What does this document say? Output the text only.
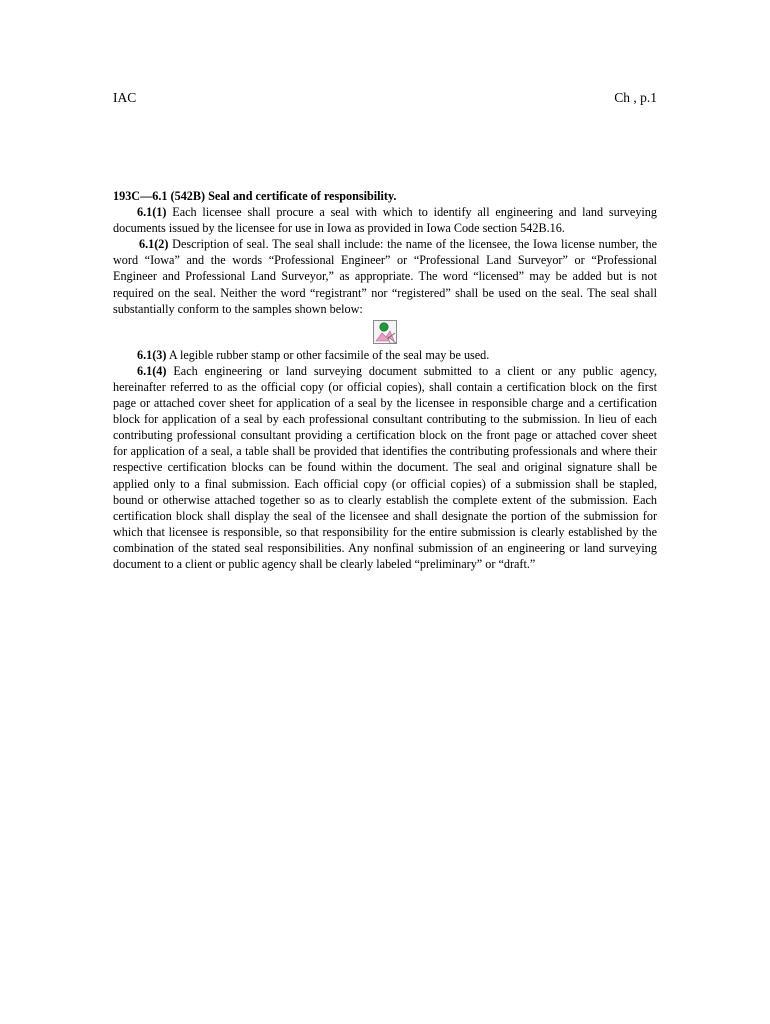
IAC	Ch , p.1

193C—6.1 (542B) Seal and certificate of responsibility.

6.1(1) Each licensee shall procure a seal with which to identify all engineering and land surveying documents issued by the licensee for use in Iowa as provided in Iowa Code section 542B.16.

6.1(2) Description of seal. The seal shall include: the name of the licensee, the Iowa license number, the word “Iowa” and the words “Professional Engineer” or “Professional Land Surveyor” or “Professional Engineer and Professional Land Surveyor,” as appropriate. The word “licensed” may be added but is not required on the seal. Neither the word “registrant” nor “registered” shall be used on the seal. The seal shall substantially conform to the samples shown below:

6.1(3) A legible rubber stamp or other facsimile of the seal may be used.

6.1(4) Each engineering or land surveying document submitted to a client or any public agency, hereinafter referred to as the official copy (or official copies), shall contain a certification block on the first page or attached cover sheet for application of a seal by the licensee in responsible charge and a certification block for application of a seal by each professional consultant contributing to the submission. In lieu of each contributing professional consultant providing a certification block on the front page or attached cover sheet for application of a seal, a table shall be provided that identifies the contributing professionals and where their respective certification blocks can be found within the document. The seal and original signature shall be applied only to a final submission. Each official copy (or official copies) of a submission shall be stapled, bound or otherwise attached together so as to clearly establish the complete extent of the submission. Each certification block shall display the seal of the licensee and shall designate the portion of the submission for which that licensee is responsible, so that responsibility for the entire submission is clearly established by the combination of the stated seal responsibilities. Any nonfinal submission of an engineering or land surveying document to a client or public agency shall be clearly labeled “preliminary” or “draft.”
